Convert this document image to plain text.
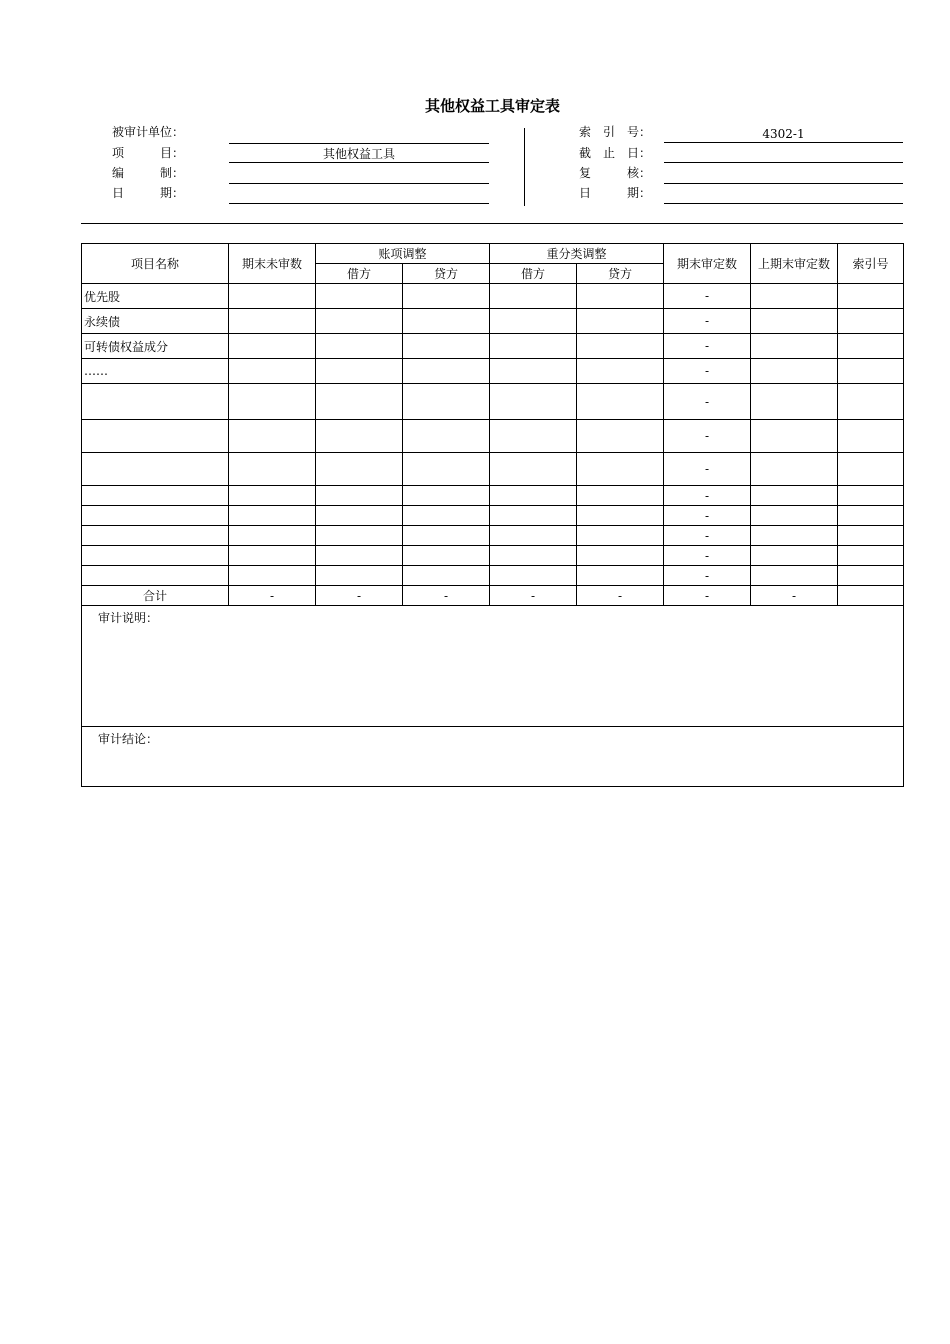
其他权益工具审定表
被审计单位：
项　　　目：	其他权益工具
编　　　制：
日　　　期：
索　引　号：	4302-1
截　止　日：
复　　　核：
日　　　期：
项目名称	期末未审数	账项调整		重分类调整		期末审定数	上期末审定数	索引号
		借方	贷方	借方	贷方			
优先股						-		
永续债						-		
可转债权益成分						-		
……						-		
						-		
						-		
						-		
						-		
						-		
						-		
						-		
						-		
合计	-	-	-	-	-	-	-	
审计说明：								
审计结论：								
